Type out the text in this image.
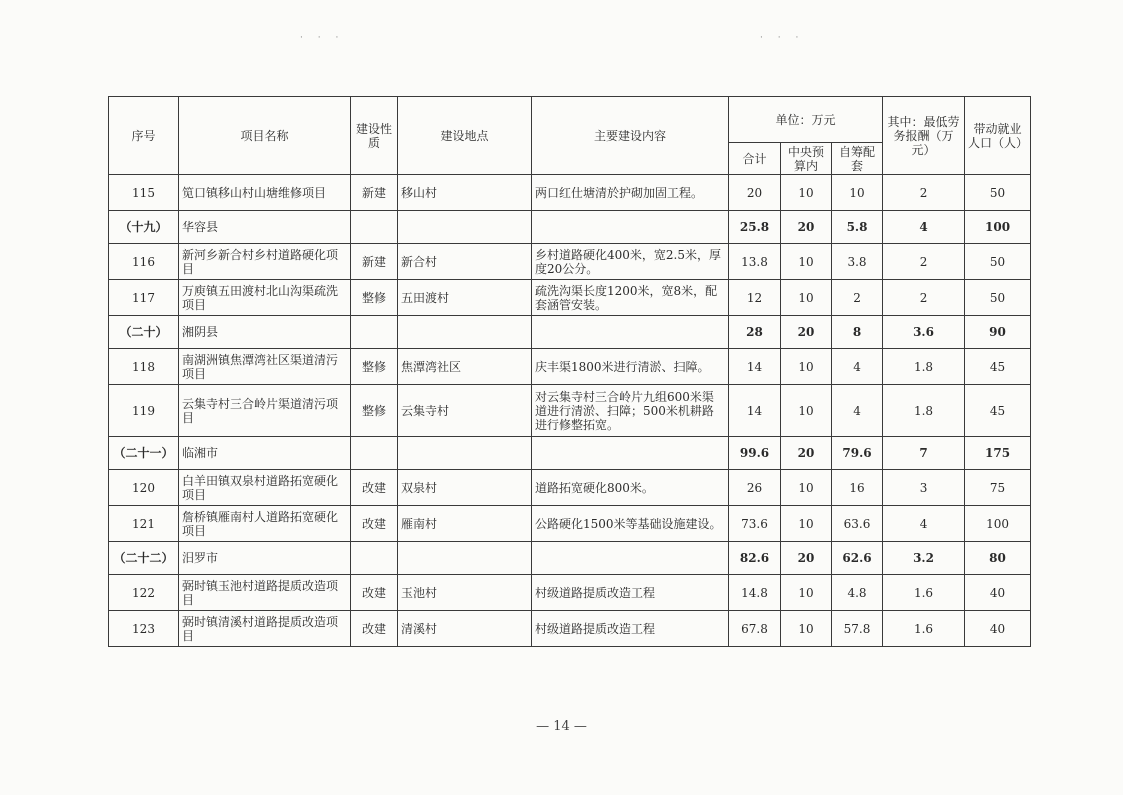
· · ·	· · ·
序号	项目名称	建设性质	建设地点	主要建设内容	单位：万元			其中：最低劳务报酬（万元）	带动就业人口（人）
					合计	中央预算内	自筹配套		
115	笕口镇移山村山塘维修项目	新建	移山村	两口红仕塘清於护砌加固工程。	20	10	10	2	50
（十九）	华容县				25.8	20	5.8	4	100
116	新河乡新合村乡村道路硬化项目	新建	新合村	乡村道路硬化400米，宽2.5米，厚度20公分。	13.8	10	3.8	2	50
117	万庾镇五田渡村北山沟渠疏洗项目	整修	五田渡村	疏洗沟渠长度1200米，宽8米，配套涵管安装。	12	10	2	2	50
（二十）	湘阴县				28	20	8	3.6	90
118	南湖洲镇焦潭湾社区渠道清污项目	整修	焦潭湾社区	庆丰渠1800米进行清淤、扫障。	14	10	4	1.8	45
119	云集寺村三合岭片渠道清污项目	整修	云集寺村	对云集寺村三合岭片九组600米渠道进行清淤、扫障；500米机耕路进行修整拓宽。	14	10	4	1.8	45
（二十一）	临湘市				99.6	20	79.6	7	175
120	白羊田镇双泉村道路拓宽硬化项目	改建	双泉村	道路拓宽硬化800米。	26	10	16	3	75
121	詹桥镇雁南村人道路拓宽硬化项目	改建	雁南村	公路硬化1500米等基础设施建设。	73.6	10	63.6	4	100
（二十二）	汨罗市				82.6	20	62.6	3.2	80
122	弼时镇玉池村道路提质改造项目	改建	玉池村	村级道路提质改造工程	14.8	10	4.8	1.6	40
123	弼时镇清溪村道路提质改造项目	改建	清溪村	村级道路提质改造工程	67.8	10	57.8	1.6	40
— 14 —
